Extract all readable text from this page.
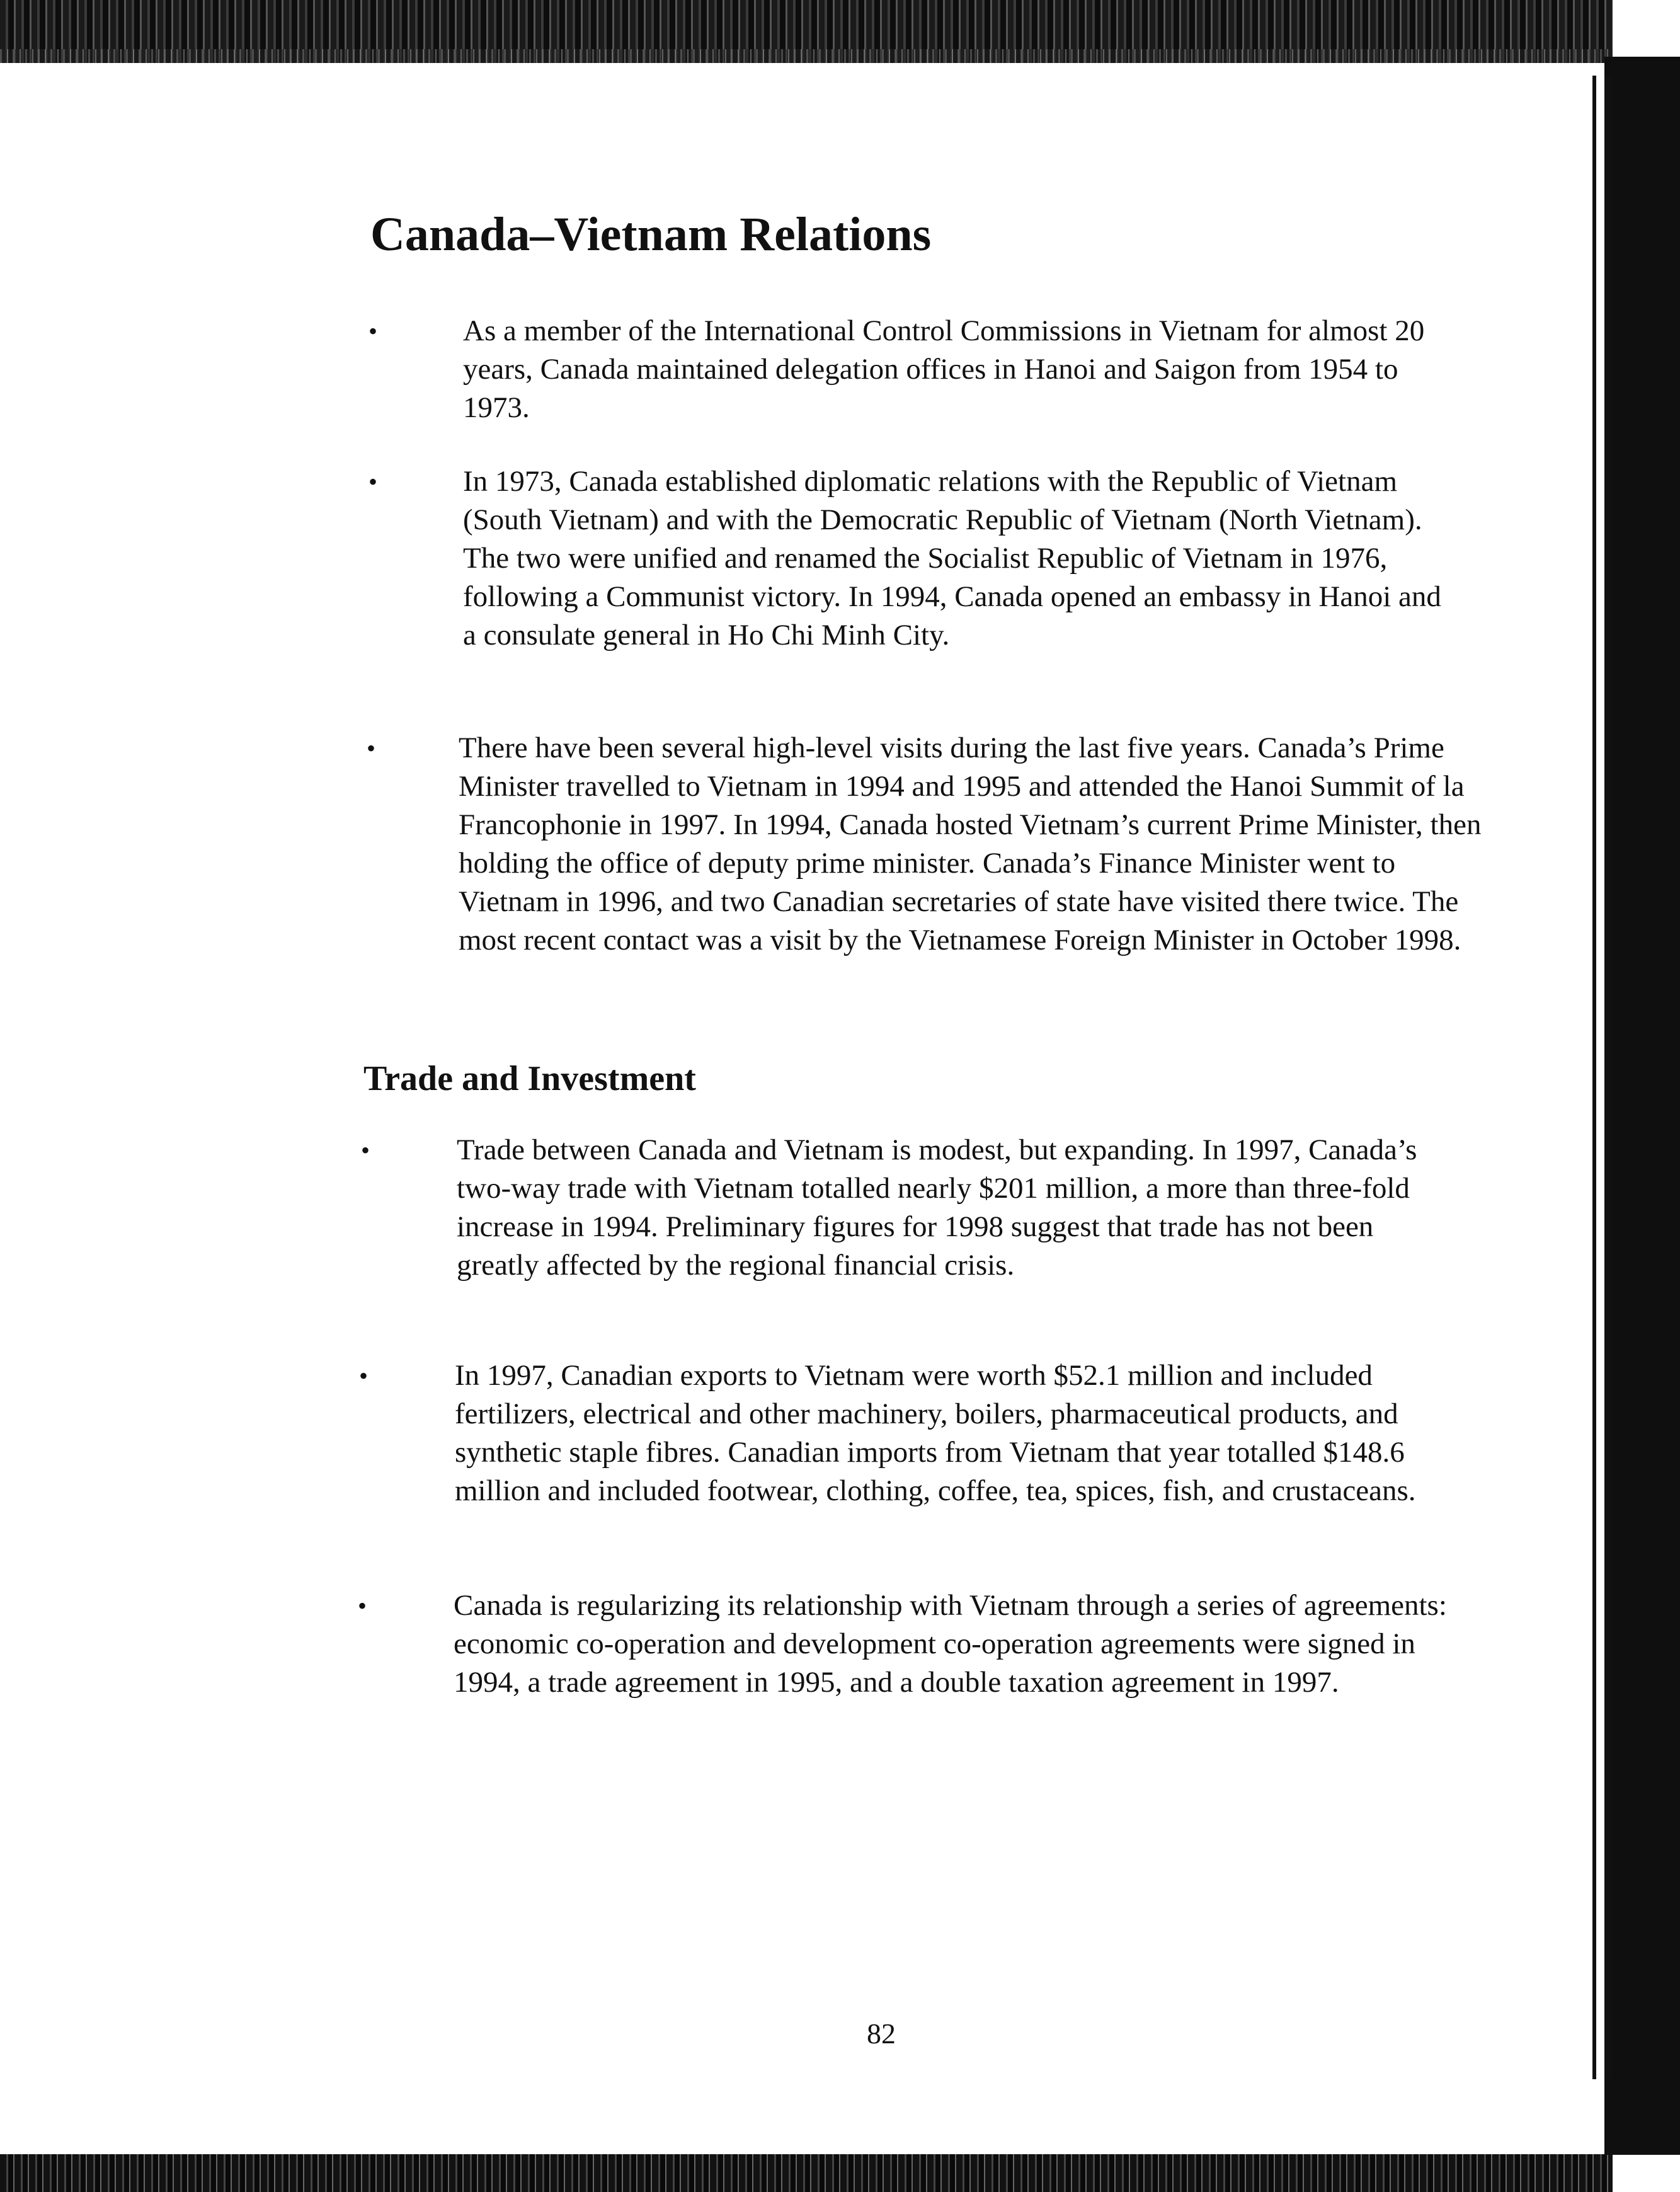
Canada–Vietnam Relations
•	As a member of the International Control Commissions in Vietnam for almost 20 years, Canada maintained delegation offices in Hanoi and Saigon from 1954 to 1973.

•	In 1973, Canada established diplomatic relations with the Republic of Vietnam (South Vietnam) and with the Democratic Republic of Vietnam (North Vietnam). The two were unified and renamed the Socialist Republic of Vietnam in 1976, following a Communist victory. In 1994, Canada opened an embassy in Hanoi and a consulate general in Ho Chi Minh City.

•	There have been several high-level visits during the last five years. Canada’s Prime Minister travelled to Vietnam in 1994 and 1995 and attended the Hanoi Summit of la Francophonie in 1997. In 1994, Canada hosted Vietnam’s current Prime Minister, then holding the office of deputy prime minister. Canada’s Finance Minister went to Vietnam in 1996, and two Canadian secretaries of state have visited there twice. The most recent contact was a visit by the Vietnamese Foreign Minister in October 1998.

Trade and Investment
•	Trade between Canada and Vietnam is modest, but expanding. In 1997, Canada’s two-way trade with Vietnam totalled nearly $201 million, a more than three-fold increase in 1994. Preliminary figures for 1998 suggest that trade has not been greatly affected by the regional financial crisis.

•	In 1997, Canadian exports to Vietnam were worth $52.1 million and included fertilizers, electrical and other machinery, boilers, pharmaceutical products, and synthetic staple fibres. Canadian imports from Vietnam that year totalled $148.6 million and included footwear, clothing, coffee, tea, spices, fish, and crustaceans.

•	Canada is regularizing its relationship with Vietnam through a series of agreements: economic co-operation and development co-operation agreements were signed in 1994, a trade agreement in 1995, and a double taxation agreement in 1997.

82
